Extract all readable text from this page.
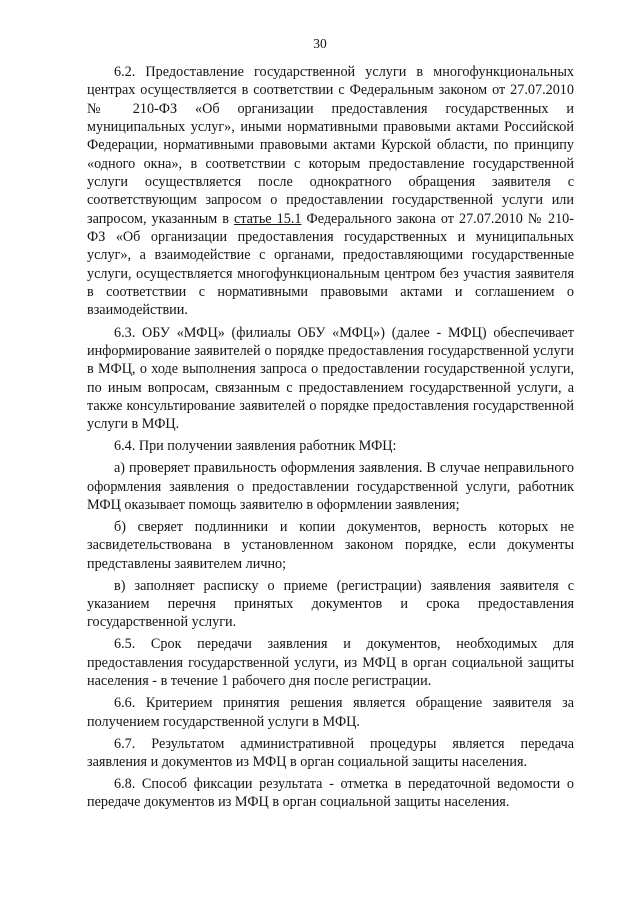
30

6.2. Предоставление государственной услуги в многофункциональных центрах осуществляется в соответствии с Федеральным законом от 27.07.2010 № 210-ФЗ «Об организации предоставления государственных и муниципальных услуг», иными нормативными правовыми актами Российской Федерации, нормативными правовыми актами Курской области, по принципу «одного окна», в соответствии с которым предоставление государственной услуги осуществляется после однократного обращения заявителя с соответствующим запросом о предоставлении государственной услуги или запросом, указанным в статье 15.1 Федерального закона от 27.07.2010 № 210-ФЗ «Об организации предоставления государственных и муниципальных услуг», а взаимодействие с органами, предоставляющими государственные услуги, осуществляется многофункциональным центром без участия заявителя в соответствии с нормативными правовыми актами и соглашением о взаимодействии.

6.3. ОБУ «МФЦ» (филиалы ОБУ «МФЦ») (далее - МФЦ) обеспечивает информирование заявителей о порядке предоставления государственной услуги в МФЦ, о ходе выполнения запроса о предоставлении государственной услуги, по иным вопросам, связанным с предоставлением государственной услуги, а также консультирование заявителей о порядке предоставления государственной услуги в МФЦ.

6.4. При получении заявления работник МФЦ:

а) проверяет правильность оформления заявления. В случае неправильного оформления заявления о предоставлении государственной услуги, работник МФЦ оказывает помощь заявителю в оформлении заявления;

б) сверяет подлинники и копии документов, верность которых не засвидетельствована в установленном законом порядке, если документы представлены заявителем лично;

в) заполняет расписку о приеме (регистрации) заявления заявителя с указанием перечня принятых документов и срока предоставления государственной услуги.

6.5. Срок передачи заявления и документов, необходимых для предоставления государственной услуги, из МФЦ в орган социальной защиты населения - в течение 1 рабочего дня после регистрации.

6.6. Критерием принятия решения является обращение заявителя за получением государственной услуги в МФЦ.

6.7. Результатом административной процедуры является передача заявления и документов из МФЦ в орган социальной защиты населения.

6.8. Способ фиксации результата - отметка в передаточной ведомости о передаче документов из МФЦ в орган социальной защиты населения.
